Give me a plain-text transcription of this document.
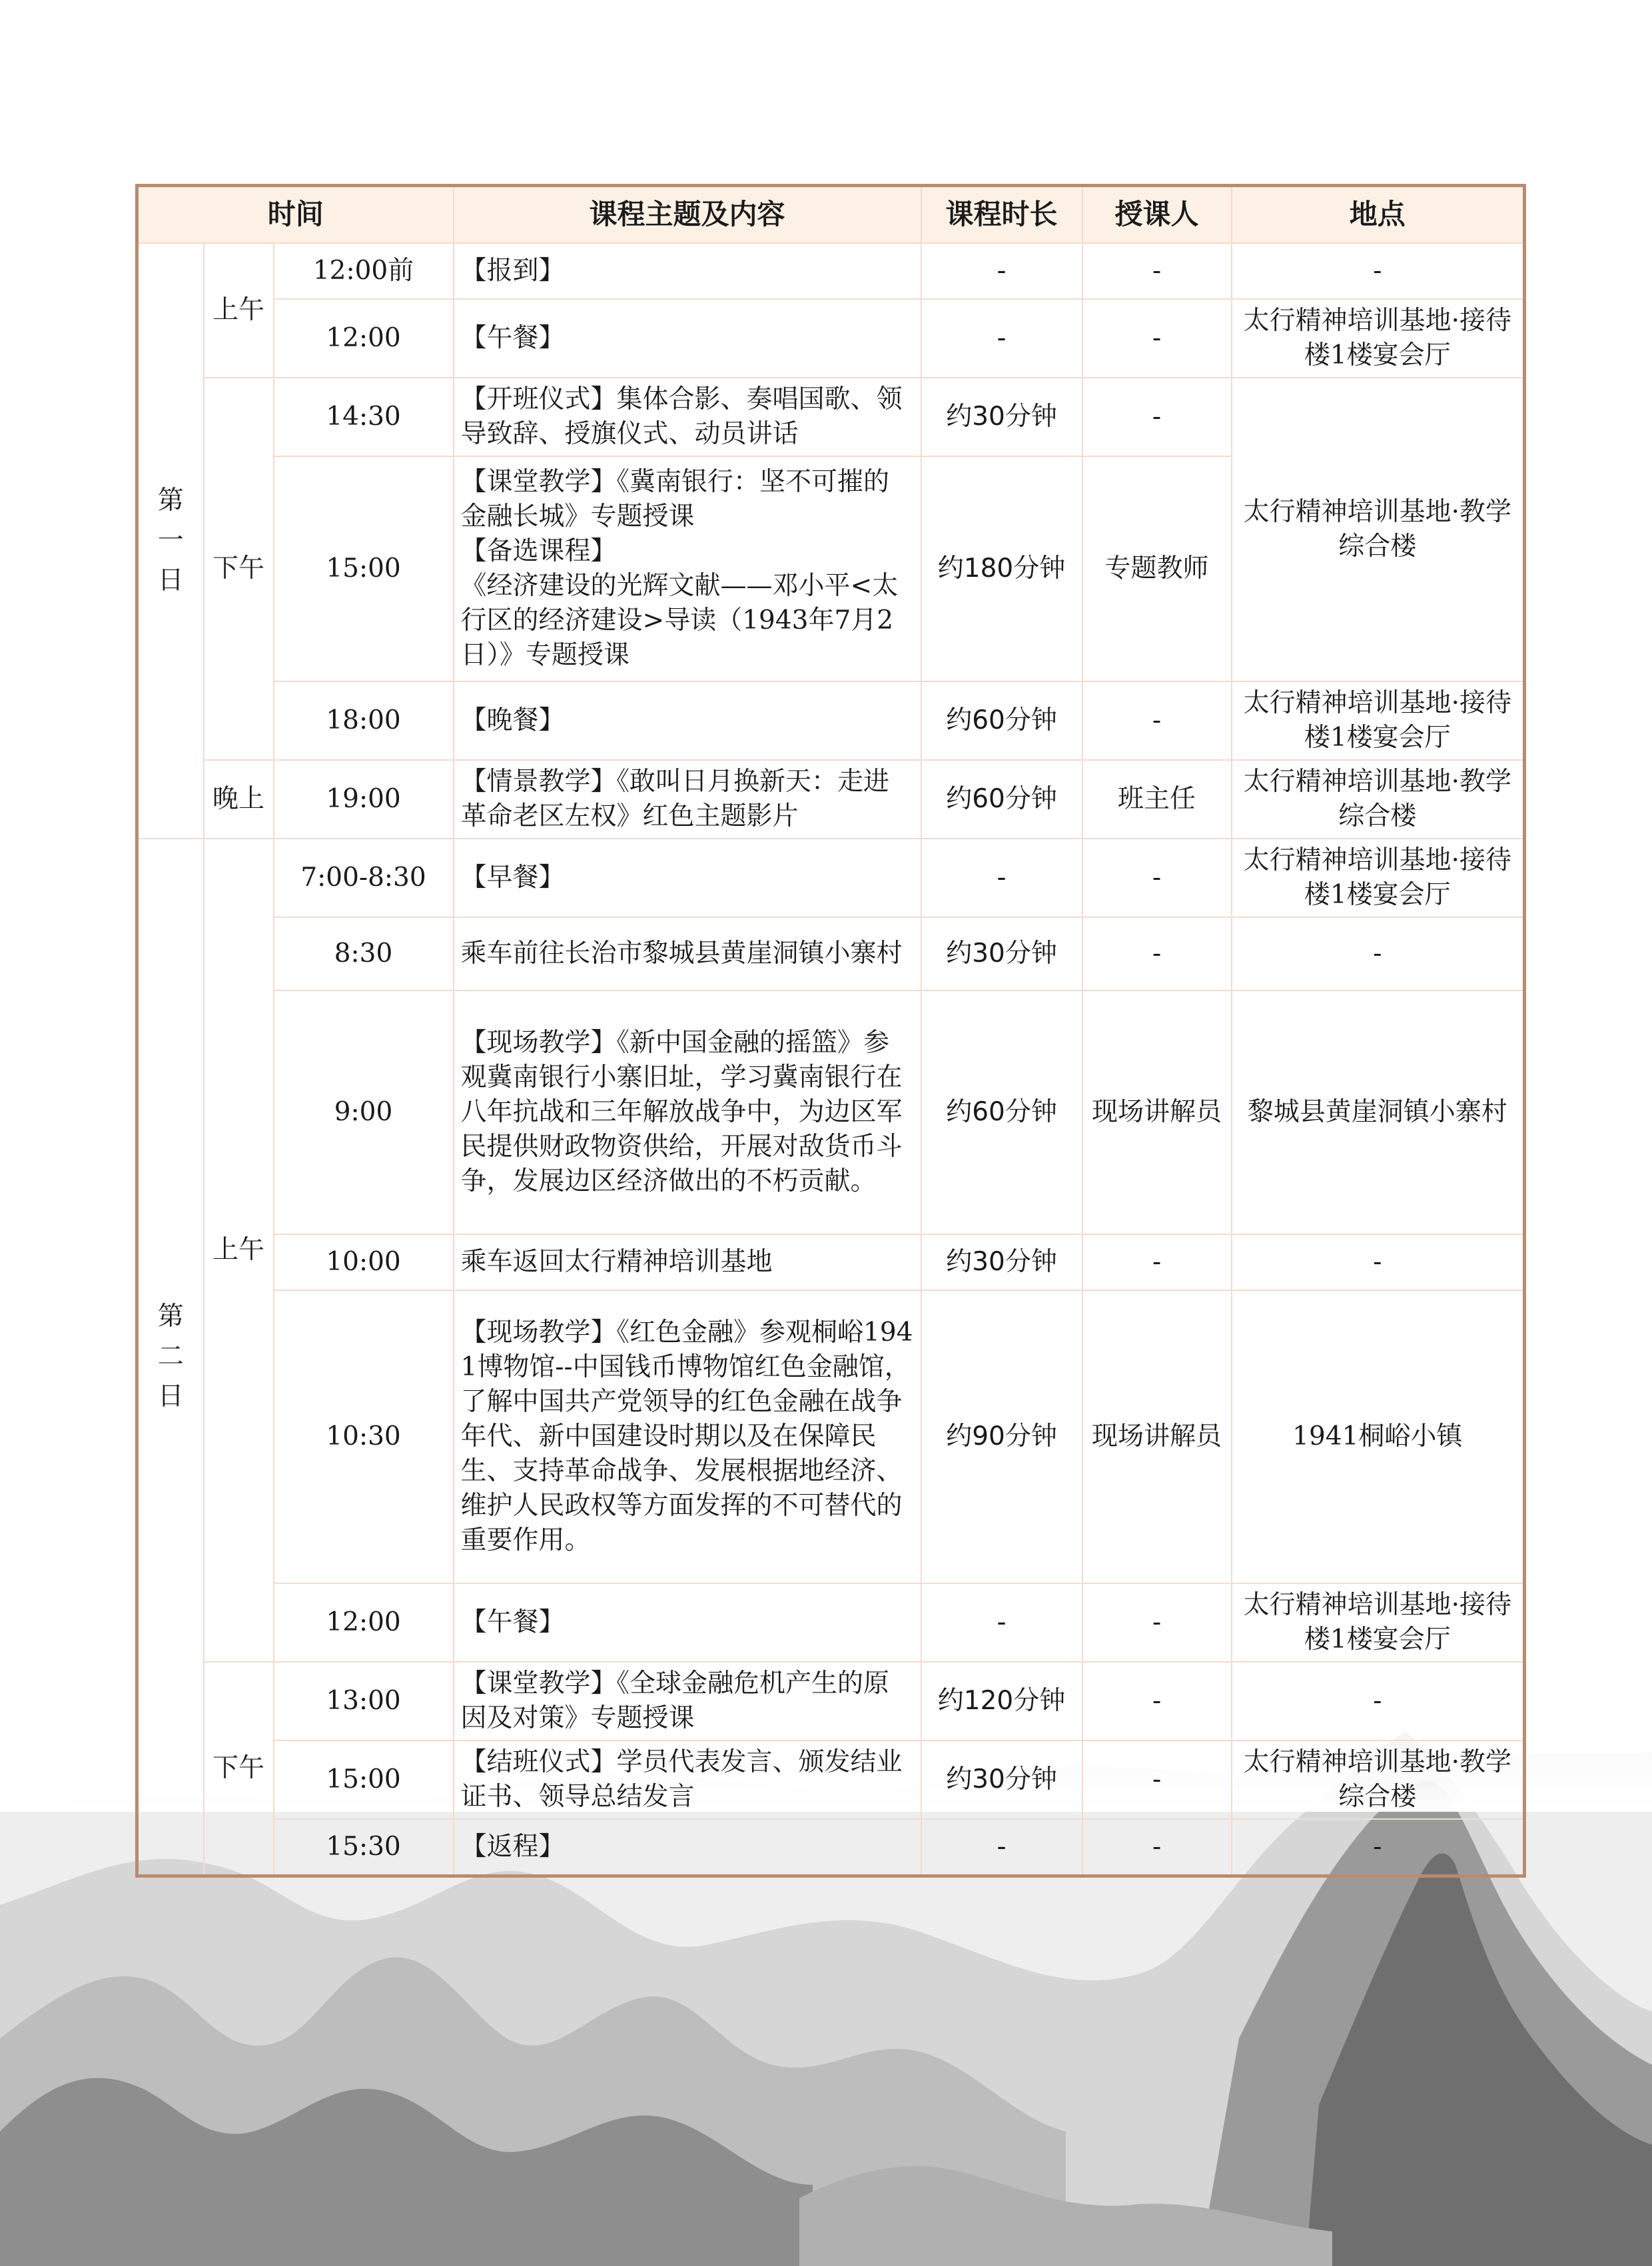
时间			课程主题及内容	课程时长	授课人	地点

第一日	上午	12:00前	【报到】	-	-	-
		12:00	【午餐】	-	-	太行精神培训基地·接待楼1楼宴会厅
	下午	14:30	【开班仪式】集体合影、奏唱国歌、领导致辞、授旗仪式、动员讲话	约30分钟	-	太行精神培训基地·教学综合楼
		15:00	【课堂教学】《冀南银行：坚不可摧的金融长城》专题授课
【备选课程】
《经济建设的光辉文献——邓小平<太行区的经济建设>导读（1943年7月2日）》专题授课	约180分钟	专题教师	
		18:00	【晚餐】	约60分钟	-	太行精神培训基地·接待楼1楼宴会厅
	晚上	19:00	【情景教学】《敢叫日月换新天：走进革命老区左权》红色主题影片	约60分钟	班主任	太行精神培训基地·教学综合楼

第二日	上午	7:00-8:30	【早餐】	-	-	太行精神培训基地·接待楼1楼宴会厅
		8:30	乘车前往长治市黎城县黄崖洞镇小寨村	约30分钟	-	-
		9:00	【现场教学】《新中国金融的摇篮》参观冀南银行小寨旧址，学习冀南银行在八年抗战和三年解放战争中，为边区军民提供财政物资供给，开展对敌货币斗争，发展边区经济做出的不朽贡献。	约60分钟	现场讲解员	黎城县黄崖洞镇小寨村
		10:00	乘车返回太行精神培训基地	约30分钟	-	-
		10:30	【现场教学】《红色金融》参观桐峪1941博物馆--中国钱币博物馆红色金融馆，了解中国共产党领导的红色金融在战争年代、新中国建设时期以及在保障民生、支持革命战争、发展根据地经济、维护人民政权等方面发挥的不可替代的重要作用。	约90分钟	现场讲解员	1941桐峪小镇
		12:00	【午餐】	-	-	太行精神培训基地·接待楼1楼宴会厅
	下午	13:00	【课堂教学】《全球金融危机产生的原因及对策》专题授课	约120分钟	-	-
		15:00	【结班仪式】学员代表发言、颁发结业证书、领导总结发言	约30分钟	-	太行精神培训基地·教学综合楼
		15:30	【返程】	-	-	-
